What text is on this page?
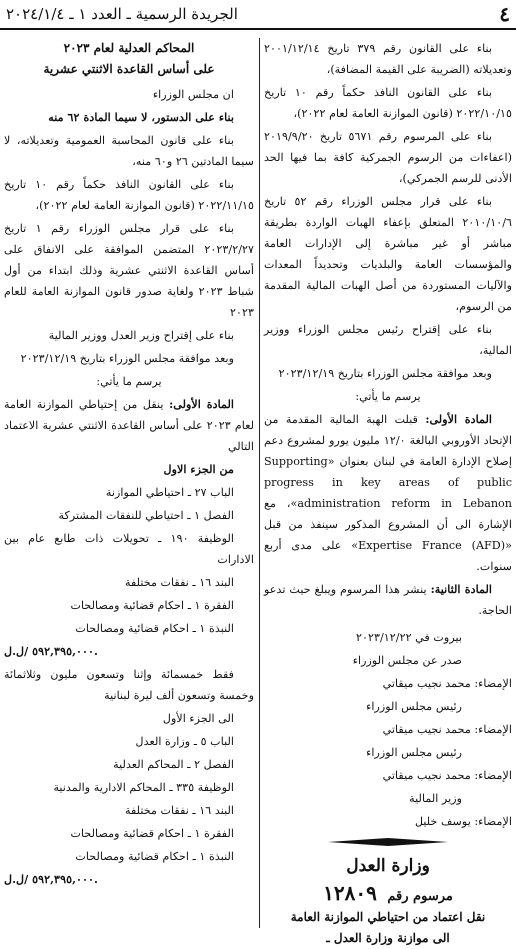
٤
الجريدة الرسمية ـ العدد ١ ـ ٢٠٢٤/١/٤

بناء على القانون رقم ٣٧٩ تاريخ ٢٠٠١/١٢/١٤ وتعديلاته (الضريبة على القيمة المضافة)،

بناء على القانون النافذ حكماً رقم ١٠ تاريخ ٢٠٢٢/١٠/١٥ (قانون الموازنة العامة لعام ٢٠٢٢)،

بناء على المرسوم رقم ٥٦٧١ تاريخ ٢٠١٩/٩/٢٠ (اعفاءات من الرسوم الجمركية كافة بما فيها الحد الأدنى للرسم الجمركي)،

بناء على قرار مجلس الوزراء رقم ٥٢ تاريخ ٢٠١٠/١٠/٦ المتعلق بإعفاء الهبات الواردة بطريقة مباشر أو غير مباشرة إلى الإدارات العامة والمؤسسات العامة والبلديات وتحديداً المعدات والآليات المستوردة من أصل الهبات المالية المقدمة من الرسوم،

بناء على إقتراح رئيس مجلس الوزراء ووزير المالية،

وبعد موافقة مجلس الوزراء بتاريخ ٢٠٢٣/١٢/١٩

يرسم ما يأتي:

المادة الأولى: قبلت الهبة المالية المقدمة من الإتحاد الأوروبي البالغة ١٢/٠ مليون يورو لمشروع دعم إصلاح الإدارة العامة في لبنان بعنوان «Supporting progress in key areas of public administration reform in Lebanon»، مع الإشارة الى أن المشروع المذكور سينفذ من قبل «Expertise France (AFD)» على مدى أربع سنوات.

المادة الثانية: ينشر هذا المرسوم ويبلغ حيث تدعو الحاجة.

بيروت في ٢٠٢٣/١٢/٢٢

صدر عن مجلس الوزراء

الإمضاء: محمد نجيب ميقاتي

رئيس مجلس الوزراء

الإمضاء: محمد نجيب ميقاتي

رئيس مجلس الوزراء

الإمضاء: محمد نجيب ميقاتي

وزير المالية

الإمضاء: يوسف خليل

وزارة العدل
مرسوم رقم ١٢٨٠٩
نقل اعتماد من احتياطي الموازنة العامة
الى موازنة وزارة العدل ـ
المحاكم العدلية لعام ٢٠٢٣
على أساس القاعدة الاثنتي عشرية

ان مجلس الوزراء

بناء على الدستور، لا سيما المادة ٦٢ منه

بناء على قانون المحاسبة العمومية وتعديلاته، لا سيما المادتين ٢٦ و٦٠ منه،

بناء على القانون النافذ حكماً رقم ١٠ تاريخ ٢٠٢٢/١١/١٥ (قانون الموازنة العامة لعام ٢٠٢٢)،

بناء على قرار مجلس الوزراء رقم ١ تاريخ ٢٠٢٣/٢/٢٧ المتضمن الموافقة على الانفاق على أساس القاعدة الاثنتي عشرية وذلك ابتداء من أول شباط ٢٠٢٣ ولغاية صدور قانون الموازنة العامة للعام ٢٠٢٣

بناء على إقتراح وزير العدل ووزير المالية

وبعد موافقة مجلس الوزراء بتاريخ ٢٠٢٣/١٢/١٩

يرسم ما يأتي:

المادة الأولى: ينقل من إحتياطي الموازنة العامة لعام ٢٠٢٣ على أساس القاعدة الاثنتي عشرية الاعتماد التالي

من الجزء الاول

الباب ٢٧ ـ احتياطي الموازنة

الفصل ١ ـ احتياطي للنفقات المشتركة

الوظيفة ١٩٠ ـ تحويلات ذات طابع عام بين الادارات

البند ١٦ ـ نفقات مختلفة

الفقرة ١ ـ احكام قضائية ومصالحات

النبذة ١ ـ احكام قضائية ومصالحات

٥٩٢,٣٩٥,٠٠٠ /ل.ل.

فقط خمسمائة وإثنا وتسعون مليون وثلاثمائة وخمسة وتسعون ألف ليرة لبنانية

الى الجزء الأول

الباب ٥ ـ وزارة العدل

الفصل ٢ ـ المحاكم العدلية

الوظيفة ٣٣٥ ـ المحاكم الادارية والمدنية

البند ١٦ ـ نفقات مختلفة

الفقرة ١ ـ احكام قضائية ومصالحات

النبذة ١ ـ احكام قضائية ومصالحات

٥٩٢,٣٩٥,٠٠٠ /ل.ل.
